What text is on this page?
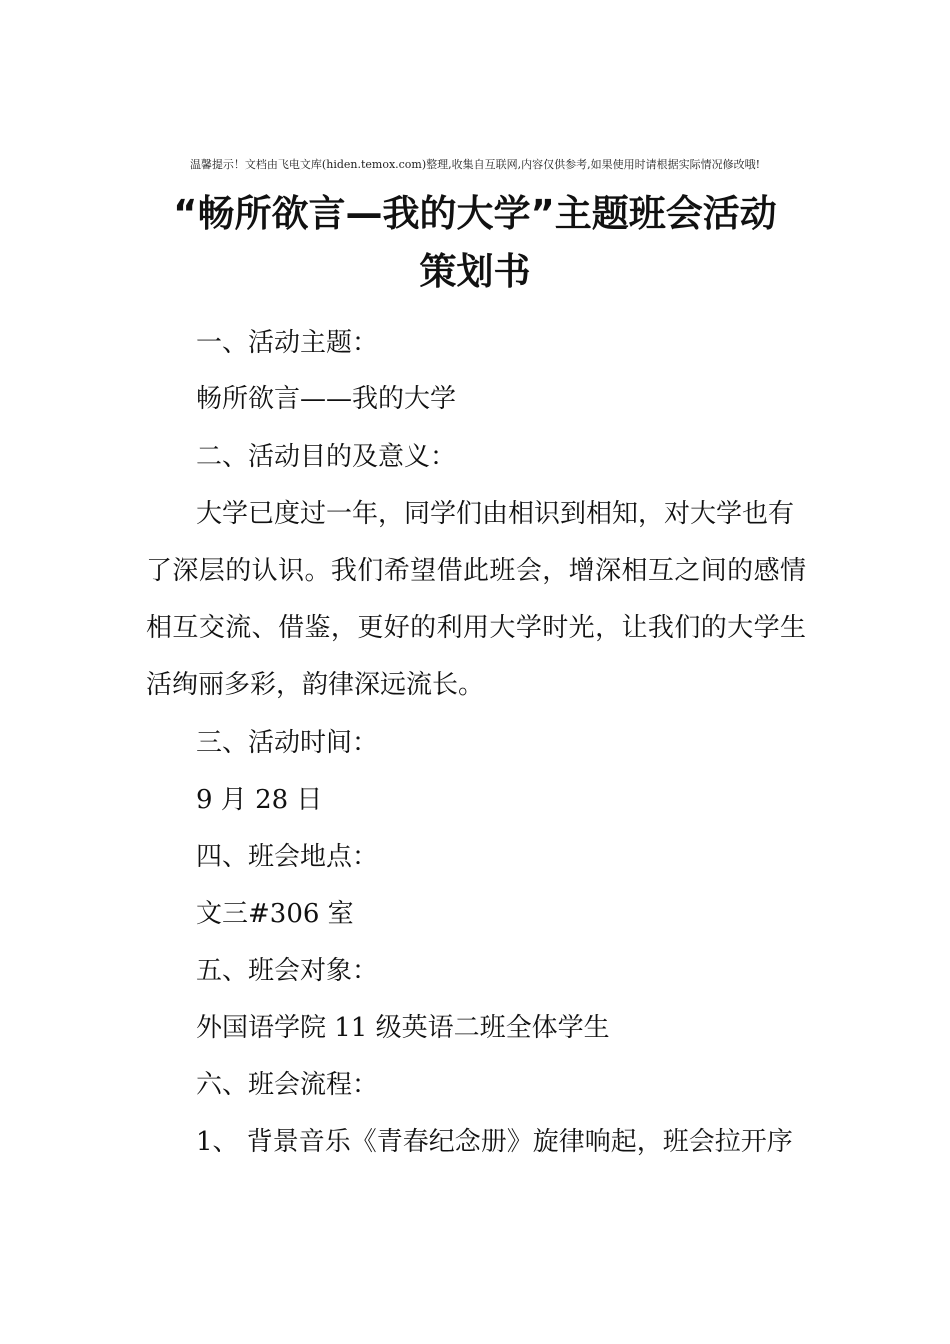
温馨提示！文档由飞电文库(hiden.temox.com)整理,收集自互联网,内容仅供参考,如果使用时请根据实际情况修改哦!
“畅所欲言—我的大学”主题班会活动
策划书
一、活动主题：
畅所欲言——我的大学
二、活动目的及意义：
大学已度过一年，同学们由相识到相知，对大学也有
了深层的认识。我们希望借此班会，增深相互之间的感情
相互交流、借鉴，更好的利用大学时光，让我们的大学生
活绚丽多彩，韵律深远流长。
三、活动时间：
9 月 28 日
四、班会地点：
文三#306 室
五、班会对象：
外国语学院 11 级英语二班全体学生
六、班会流程：
1、 背景音乐《青春纪念册》旋律响起，班会拉开序
